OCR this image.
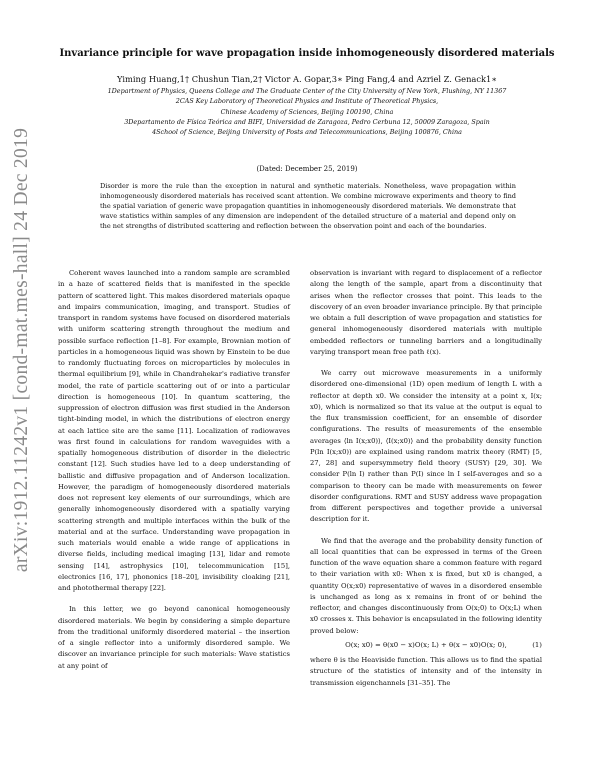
arXiv:1912.11242v1 [cond-mat.mes-hall] 24 Dec 2019
Invariance principle for wave propagation inside inhomogeneously disordered materials
Yiming Huang,1† Chushun Tian,2† Victor A. Gopar,3∗ Ping Fang,4 and Azriel Z. Genack1∗
1Department of Physics, Queens College and The Graduate Center of the City University of New York, Flushing, NY 11367
2CAS Key Laboratory of Theoretical Physics and Institute of Theoretical Physics,
Chinese Academy of Sciences, Beijing 100190, China
3Departamento de Física Teórica and BIFI, Universidad de Zaragoza, Pedro Cerbuna 12, 50009 Zaragoza, Spain
4School of Science, Beijing University of Posts and Telecommunications, Beijing 100876, China
(Dated: December 25, 2019)
Disorder is more the rule than the exception in natural and synthetic materials. Nonetheless, wave propagation within inhomogeneously disordered materials has received scant attention. We combine microwave experiments and theory to find the spatial variation of generic wave propagation quantities in inhomogeneously disordered materials. We demonstrate that wave statistics within samples of any dimension are independent of the detailed structure of a material and depend only on the net strengths of distributed scattering and reflection between the observation point and each of the boundaries.

Coherent waves launched into a random sample are scrambled in a haze of scattered fields that is manifested in the speckle pattern of scattered light. This makes disordered materials opaque and impairs communication, imaging, and transport. Studies of transport in random systems have focused on disordered materials with uniform scattering strength throughout the medium and possible surface reflection [1–8]. For example, Brownian motion of particles in a homogeneous liquid was shown by Einstein to be due to randomly fluctuating forces on microparticles by molecules in thermal equilibrium [9], while in Chandrahekar's radiative transfer model, the rate of particle scattering out of or into a particular direction is homogeneous [10]. In quantum scattering, the suppression of electron diffusion was first studied in the Anderson tight-binding model, in which the distributions of electron energy at each lattice site are the same [11]. Localization of radiowaves was first found in calculations for random waveguides with a spatially homogeneous distribution of disorder in the dielectric constant [12]. Such studies have led to a deep understanding of ballistic and diffusive propagation and of Anderson localization. However, the paradigm of homogeneously disordered materials does not represent key elements of our surroundings, which are generally inhomogeneously disordered with a spatially varying scattering strength and multiple interfaces within the bulk of the material and at the surface. Understanding wave propagation in such materials would enable a wide range of applications in diverse fields, including medical imaging [13], lidar and remote sensing [14], astrophysics [10], telecommunication [15], electronics [16, 17], phononics [18–20], invisibility cloaking [21], and photothermal therapy [22].

In this letter, we go beyond canonical homogeneously disordered materials. We begin by considering a simple departure from the traditional uniformly disordered material – the insertion of a single reflector into a uniformly disordered sample. We discover an invariance principle for such materials: Wave statistics at any point of

observation is invariant with regard to displacement of a reflector along the length of the sample, apart from a discontinuity that arises when the reflector crosses that point. This leads to the discovery of an even broader invariance principle. By that principle we obtain a full description of wave propagation and statistics for general inhomogeneously disordered materials with multiple embedded reflectors or tunneling barriers and a longitudinally varying transport mean free path ℓ(x).

We carry out microwave measurements in a uniformly disordered one-dimensional (1D) open medium of length L with a reflector at depth x0. We consider the intensity at a point x, I(x; x0), which is normalized so that its value at the output is equal to the flux transmission coefficient, for an ensemble of disorder configurations. The results of measurements of the ensemble averages ⟨ln I(x;x0)⟩, ⟨I(x;x0)⟩ and the probability density function P(ln I(x;x0)) are explained using random matrix theory (RMT) [5, 27, 28] and supersymmetry field theory (SUSY) [29, 30]. We consider P(ln I) rather than P(I) since ln I self-averages and so a comparison to theory can be made with measurements on fewer disorder configurations. RMT and SUSY address wave propagation from different perspectives and together provide a universal description for it.

We find that the average and the probability density function of all local quantities that can be expressed in terms of the Green function of the wave equation share a common feature with regard to their variation with x0: When x is fixed, but x0 is changed, a quantity O(x;x0) representative of waves in a disordered ensemble is unchanged as long as x remains in front of or behind the reflector, and changes discontinuously from O(x;0) to O(x;L) when x0 crosses x. This behavior is encapsulated in the following identity proved below:

O(x; x0) = θ(x0 − x)O(x; L) + θ(x − x0)O(x; 0),	(1)

where θ is the Heaviside function. This allows us to find the spatial structure of the statistics of intensity and of the intensity in transmission eigenchannels [31–35]. The
